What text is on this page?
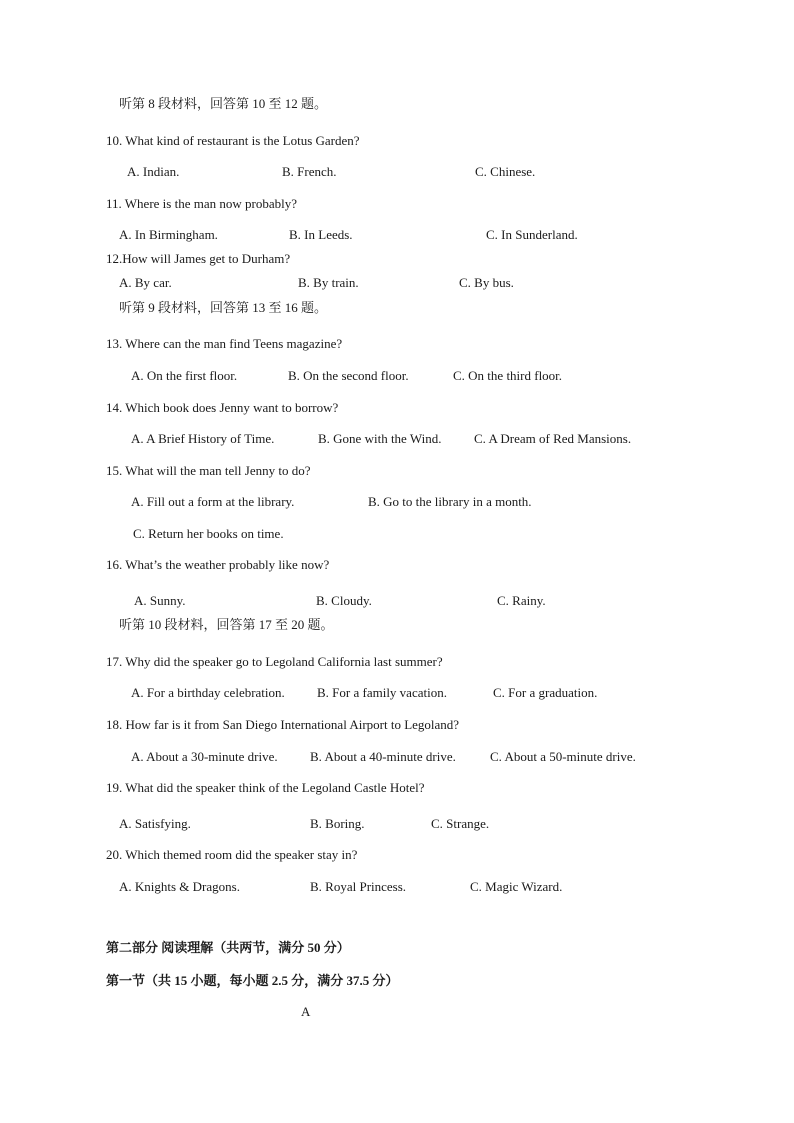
听第 8 段材料，回答第 10 至 12 题。
10. What kind of restaurant is the Lotus Garden?
A. Indian.	B. French.	C. Chinese.
11. Where is the man now probably?
A. In Birmingham.	B. In Leeds.	C. In Sunderland.
12.How will James get to Durham?
A. By car.	B. By train.	C. By bus.
听第 9 段材料，回答第 13 至 16 题。
13. Where can the man find Teens magazine?
A. On the first floor.	B. On the second floor.	C. On the third floor.
14. Which book does Jenny want to borrow?
A. A Brief History of Time.	B. Gone with the Wind.	C. A Dream of Red Mansions.
15. What will the man tell Jenny to do?
A. Fill out a form at the library.	B. Go to the library in a month.
C. Return her books on time.
16. What’s the weather probably like now?
A. Sunny.	B. Cloudy.	C. Rainy.
听第 10 段材料，回答第 17 至 20 题。
17. Why did the speaker go to Legoland California last summer?
A. For a birthday celebration. B. For a family vacation.	C. For a graduation.
18. How far is it from San Diego International Airport to Legoland?
A. About a 30-minute drive. B. About a 40-minute drive.	C. About a 50-minute drive.
19. What did the speaker think of the Legoland Castle Hotel?
A. Satisfying.	B. Boring.	C. Strange.
20. Which themed room did the speaker stay in?
A. Knights & Dragons.	B. Royal Princess.	C. Magic Wizard.
第二部分 阅读理解（共两节，满分 50 分）
第一节（共 15 小题，每小题 2.5 分，满分 37.5 分）
A
